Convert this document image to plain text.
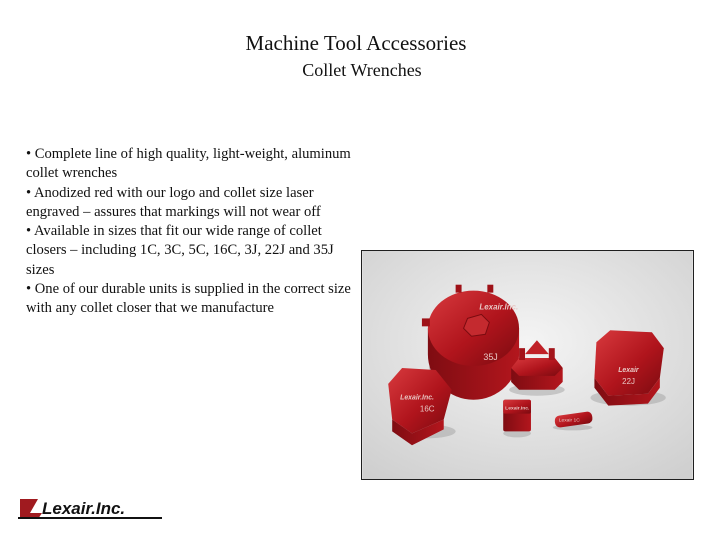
Machine Tool Accessories
Collet Wrenches
• Complete line of high quality, light-weight, aluminum collet wrenches
• Anodized red with our logo and collet size laser engraved – assures that markings will not wear off
• Available in sizes that fit our wide range of collet closers – including 1C, 3C, 5C, 16C, 3J, 22J and 35J sizes
• One of our durable units is supplied in the correct size with any collet closer that we manufacture	Lexair.Inc.
35J
Lexair.Inc.
16C	Lexair.Inc.
Lexair 1C
Lexair
22J
Lexair.Inc.
